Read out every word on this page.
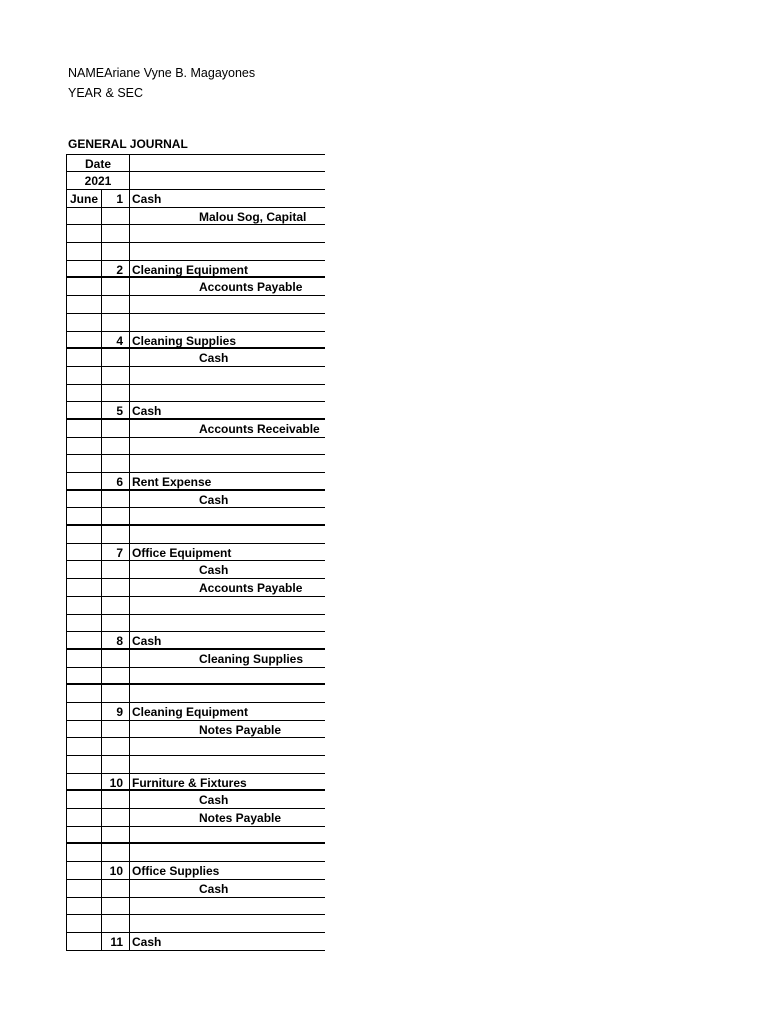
NAMEAriane Vyne B. Magayones
YEAR & SEC
GENERAL JOURNAL
Date
2021
June	1 Cash
Malou Sog, Capital
2 Cleaning Equipment
Accounts Payable
4 Cleaning Supplies
Cash
5 Cash
Accounts Receivable
6 Rent Expense
Cash
7 Office Equipment
Cash
Accounts Payable
8 Cash
Cleaning Supplies
9 Cleaning Equipment
Notes Payable
10 Furniture & Fixtures
Cash
Notes Payable
10 Office Supplies
Cash
11 Cash
